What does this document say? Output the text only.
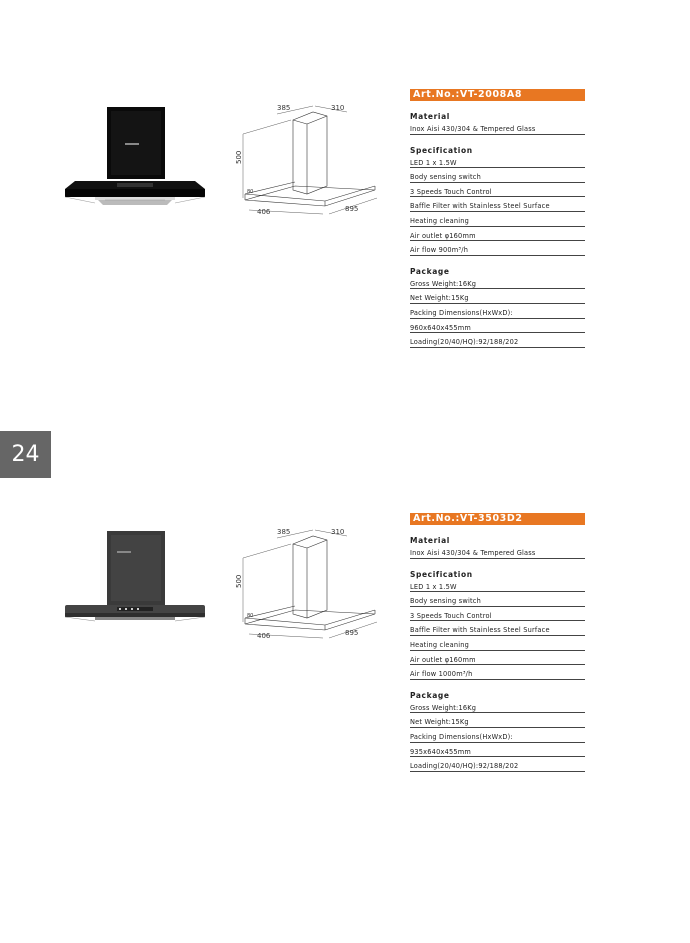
385	310
500
80
406	895
Art.No.:VT-2008A8
Material
Inox Aisi 430/304 & Tempered Glass
Specification
LED 1 x 1.5W
Body sensing switch
3 Speeds Touch Control
Baffle Filter with Stainless Steel Surface
Heating cleaning
Air outlet φ160mm
Air flow 900m³/h
Package
Gross Weight:16Kg
Net Weight:15Kg
Packing Dimensions(HxWxD):
960x640x455mm
Loading(20/40/HQ):92/188/202
24
385	310
500
80
406	895
Art.No.:VT-3503D2
Material
Inox Aisi 430/304 & Tempered Glass
Specification
LED 1 x 1.5W
Body sensing switch
3 Speeds Touch Control
Baffle Filter with Stainless Steel Surface
Heating cleaning
Air outlet φ160mm
Air flow 1000m³/h
Package
Gross Weight:16Kg
Net Weight:15Kg
Packing Dimensions(HxWxD):
935x640x455mm
Loading(20/40/HQ):92/188/202
